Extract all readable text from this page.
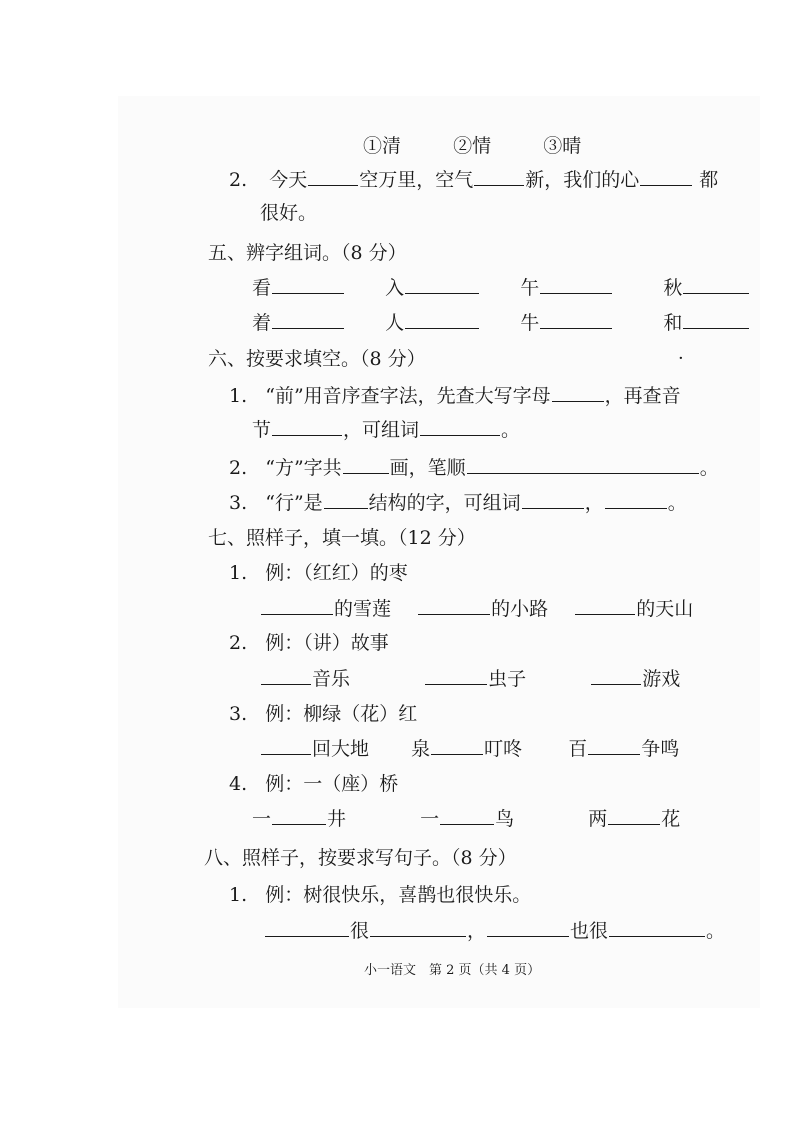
①清	②情	③晴
2. 今天	空万里，空气	新，我们的心	都
很好。
五、辨字组词。（8 分）
看	入	午	秋
着	人	牛	和
六、按要求填空。（8 分）	·
1. “前”用音序查字法，先查大写字母	，再查音
节	，可组词	。
2. “方”字共	画，笔顺	。
3. “行”是 结构的字，可组词	，	。
七、照样子，填一填。（12 分）
1. 例：（红红）的枣
的雪莲	的小路	的天山
2. 例：（讲）故事
音乐	虫子	游戏
3. 例：柳绿（花）红
回大地 泉	叮咚 百	争鸣
4. 例：一（座）桥
一	井	一	鸟	两	花
八、照样子，按要求写句子。（8 分）
1. 例：树很快乐，喜鹊也很快乐。
很	，	也很	。
小一语文　第 2 页（共 4 页）
